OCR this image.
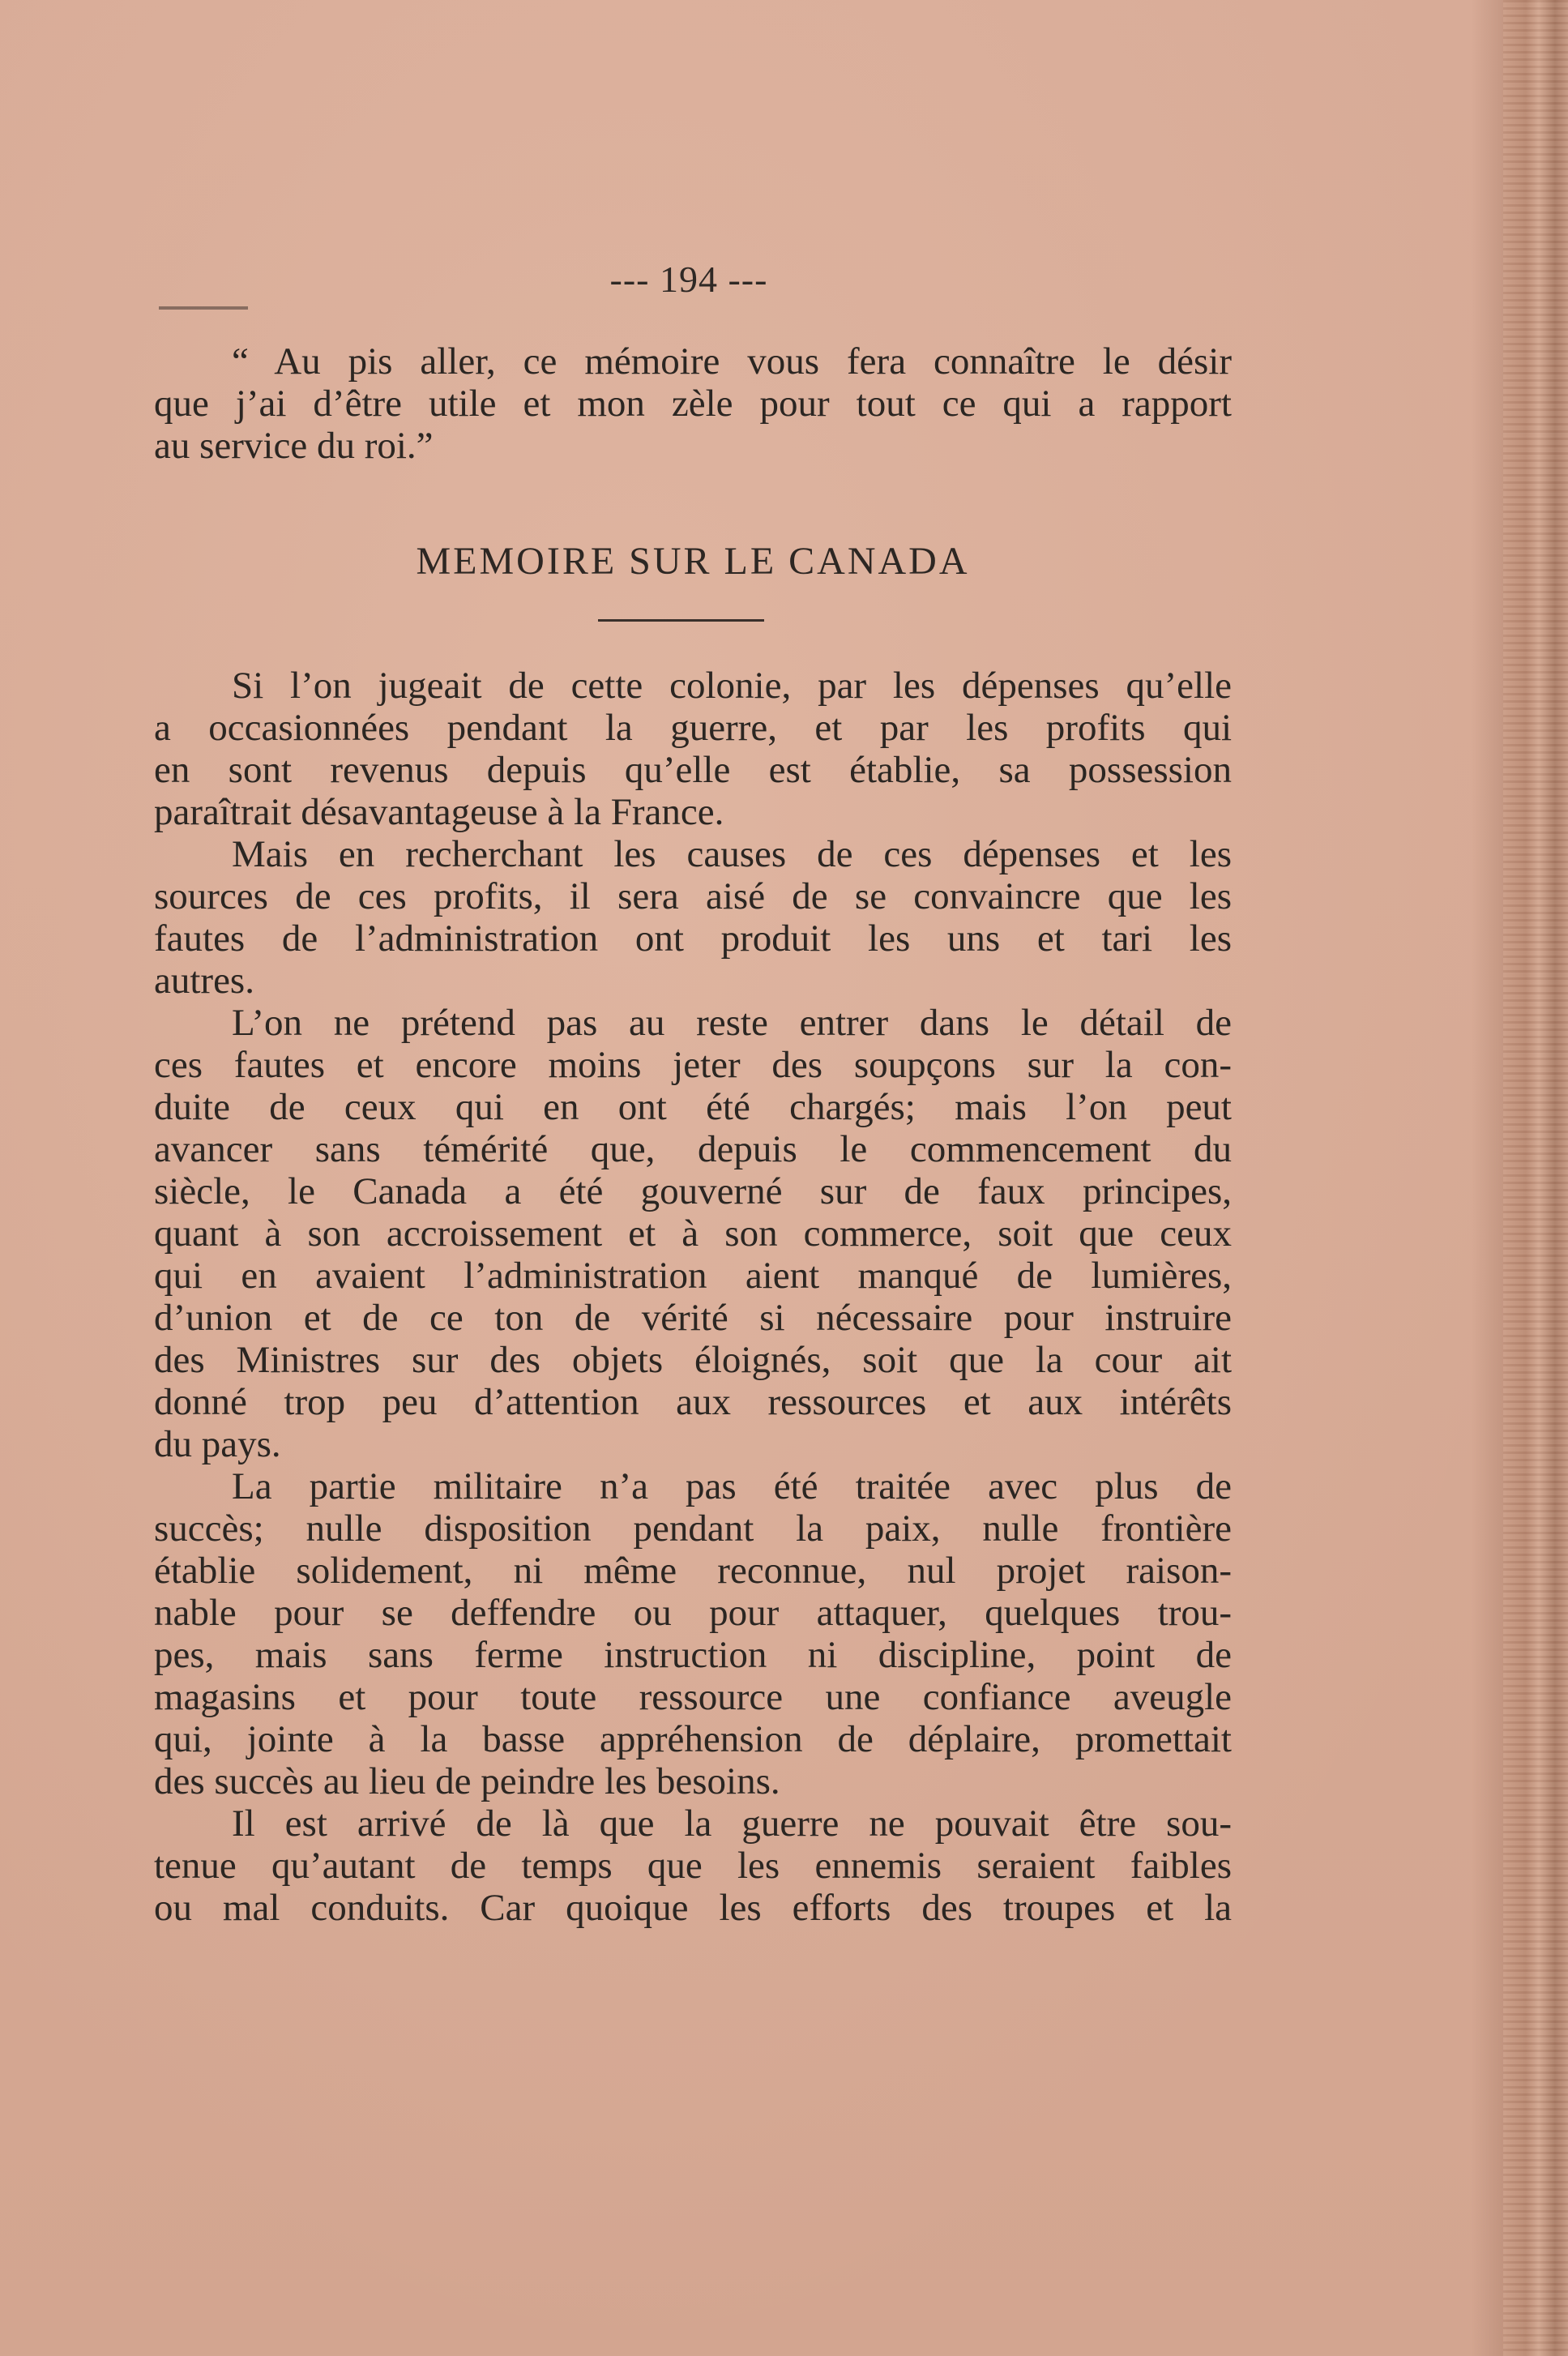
--- 194 ---
“ Au pis aller, ce mémoire vous fera connaître le désir
que j’ai d’être utile et mon zèle pour tout ce qui a rapport
au service du roi.”
MEMOIRE SUR LE CANADA
Si l’on jugeait de cette colonie, par les dépenses qu’elle
a occasionnées pendant la guerre, et par les profits qui
en sont revenus depuis qu’elle est établie, sa possession
paraîtrait désavantageuse à la France.
Mais en recherchant les causes de ces dépenses et les
sources de ces profits, il sera aisé de se convaincre que les
fautes de l’administration ont produit les uns et tari les
autres.
L’on ne prétend pas au reste entrer dans le détail de
ces fautes et encore moins jeter des soupçons sur la con-
duite de ceux qui en ont été chargés; mais l’on peut
avancer sans témérité que, depuis le commencement du
siècle, le Canada a été gouverné sur de faux principes,
quant à son accroissement et à son commerce, soit que ceux
qui en avaient l’administration aient manqué de lumières,
d’union et de ce ton de vérité si nécessaire pour instruire
des Ministres sur des objets éloignés, soit que la cour ait
donné trop peu d’attention aux ressources et aux intérêts
du pays.
La partie militaire n’a pas été traitée avec plus de
succès; nulle disposition pendant la paix, nulle frontière
établie solidement, ni même reconnue, nul projet raison-
nable pour se deffendre ou pour attaquer, quelques trou-
pes, mais sans ferme instruction ni discipline, point de
magasins et pour toute ressource une confiance aveugle
qui, jointe à la basse appréhension de déplaire, promettait
des succès au lieu de peindre les besoins.
Il est arrivé de là que la guerre ne pouvait être sou-
tenue qu’autant de temps que les ennemis seraient faibles
ou mal conduits. Car quoique les efforts des troupes et la
